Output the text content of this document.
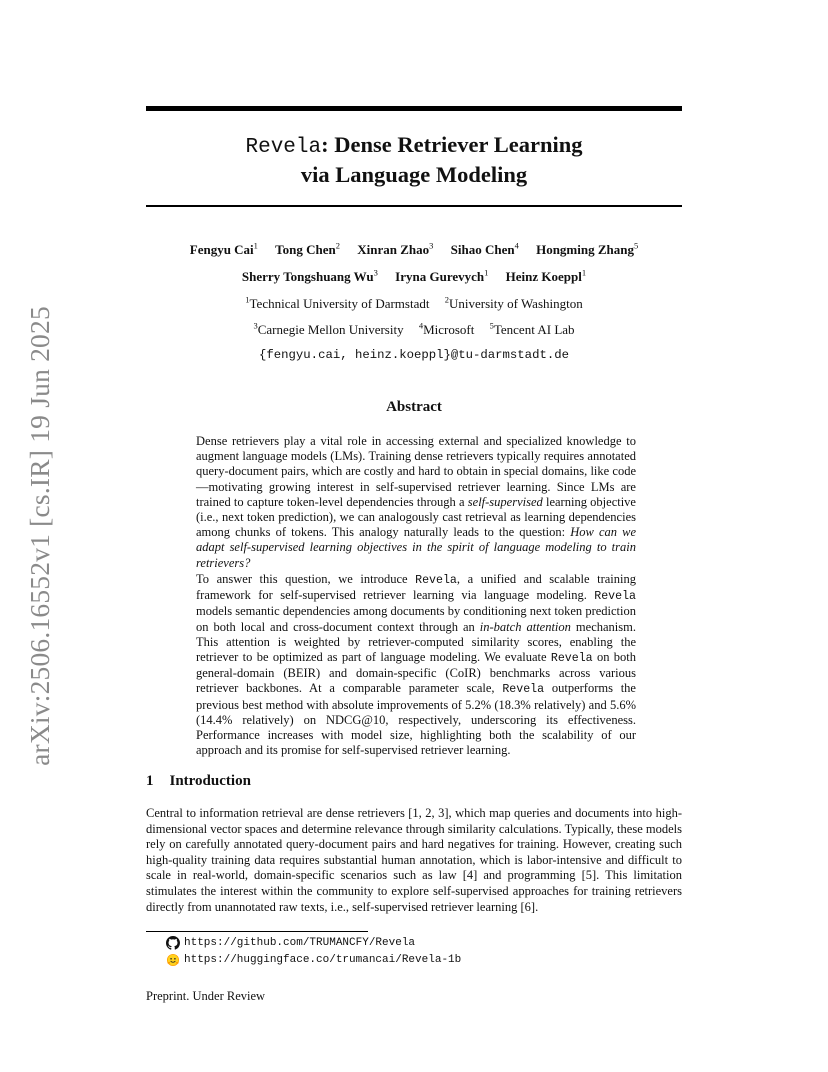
arXiv:2506.16552v1 [cs.IR] 19 Jun 2025
Revela: Dense Retriever Learning
via Language Modeling
Fengyu Cai$^1$ Tong Chen$^2$ Xinran Zhao$^3$ Sihao Chen$^4$ Hongming Zhang$^5$
Sherry Tongshuang Wu$^3$ Iryna Gurevych$^1$ Heinz Koeppl$^1$
$^1$Technical University of Darmstadt $^2$University of Washington
$^3$Carnegie Mellon University $^4$Microsoft $^5$Tencent AI Lab
{fengyu.cai, heinz.koeppl}@tu-darmstadt.de
Abstract

Dense retrievers play a vital role in accessing external and specialized knowledge to augment language models (LMs). Training dense retrievers typically requires annotated query-document pairs, which are costly and hard to obtain in special domains, like code—motivating growing interest in self-supervised retriever learning. Since LMs are trained to capture token-level dependencies through a self-supervised learning objective (i.e., next token prediction), we can analogously cast retrieval as learning dependencies among chunks of tokens. This analogy naturally leads to the question: How can we adapt self-supervised learning objectives in the spirit of language modeling to train retrievers?

To answer this question, we introduce Revela, a unified and scalable training framework for self-supervised retriever learning via language modeling. Revela models semantic dependencies among documents by conditioning next token prediction on both local and cross-document context through an in-batch attention mechanism. This attention is weighted by retriever-computed similarity scores, enabling the retriever to be optimized as part of language modeling. We evaluate Revela on both general-domain (BEIR) and domain-specific (CoIR) benchmarks across various retriever backbones. At a comparable parameter scale, Revela outperforms the previous best method with absolute improvements of 5.2% (18.3% relatively) and 5.6% (14.4% relatively) on NDCG@10, respectively, underscoring its effectiveness. Performance increases with model size, highlighting both the scalability of our approach and its promise for self-supervised retriever learning.

1 Introduction

Central to information retrieval are dense retrievers [1, 2, 3], which map queries and documents into high-dimensional vector spaces and determine relevance through similarity calculations. Typically, these models rely on carefully annotated query-document pairs and hard negatives for training. However, creating such high-quality training data requires substantial human annotation, which is labor-intensive and difficult to scale in real-world, domain-specific scenarios such as law [4] and programming [5]. This limitation stimulates the interest within the community to explore self-supervised approaches for training retrievers directly from unannotated raw texts, i.e., self-supervised retriever learning [6].

https://github.com/TRUMANCFY/Revela
https://huggingface.co/trumancai/Revela-1b
Preprint. Under Review
